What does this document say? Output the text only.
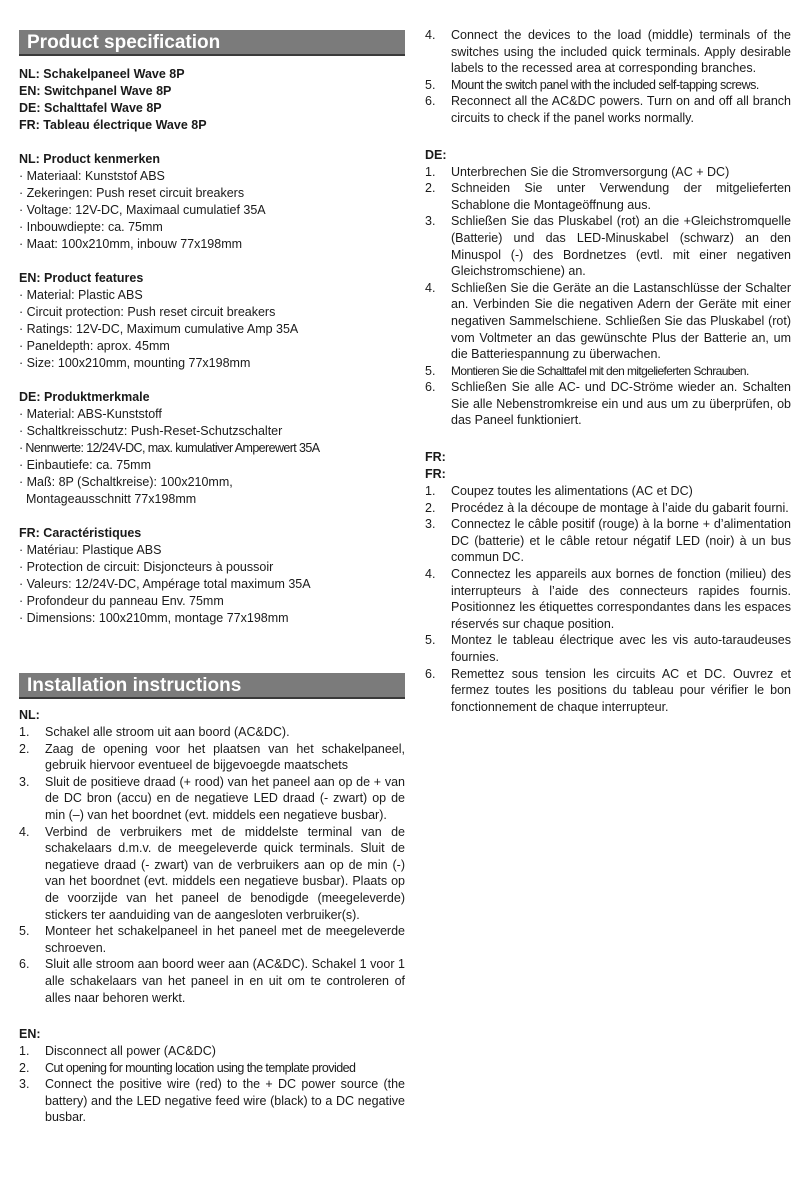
Product specification
NL: Schakelpaneel Wave 8P
EN: Switchpanel Wave 8P
DE: Schalttafel Wave 8P
FR: Tableau électrique Wave 8P
NL: Product kenmerken
· Materiaal: Kunststof ABS
· Zekeringen: Push reset circuit breakers
· Voltage: 12V-DC, Maximaal cumulatief 35A
· Inbouwdiepte: ca. 75mm
· Maat: 100x210mm, inbouw 77x198mm
EN: Product features
· Material: Plastic ABS
· Circuit protection: Push reset circuit breakers
· Ratings: 12V-DC, Maximum cumulative Amp 35A
· Paneldepth: aprox. 45mm
· Size: 100x210mm, mounting 77x198mm
DE: Produktmerkmale
· Material: ABS-Kunststoff
· Schaltkreisschutz: Push-Reset-Schutzschalter
· Nennwerte: 12/24V-DC, max. kumulativer Amperewert 35A
· Einbautiefe: ca. 75mm
· Maß: 8P (Schaltkreise): 100x210mm,
Montageausschnitt 77x198mm
FR: Caractéristiques
· Matériau: Plastique ABS
· Protection de circuit: Disjoncteurs à poussoir
· Valeurs: 12/24V-DC, Ampérage total maximum 35A
· Profondeur du panneau Env. 75mm
· Dimensions: 100x210mm, montage 77x198mm
Installation instructions
NL:
1.	Schakel alle stroom uit aan boord (AC&DC).
2.	Zaag de opening voor het plaatsen van het schakelpaneel, gebruik hiervoor eventueel de bijgevoegde maatschets
3.	Sluit de positieve draad (+ rood) van het paneel aan op de + van de DC bron (accu) en de negatieve LED draad (- zwart) op de min (–) van het boordnet (evt. middels een negatieve busbar).
4.	Verbind de verbruikers met de middelste terminal van de schakelaars d.m.v. de meegeleverde quick terminals. Sluit de negatieve draad (- zwart) van de verbruikers aan op de min (-) van het boordnet (evt. middels een negatieve busbar). Plaats op de voorzijde van het paneel de benodigde (meegeleverde) stickers ter aanduiding van de aangesloten verbruiker(s).
5.	Monteer het schakelpaneel in het paneel met de meegeleverde schroeven.
6.	Sluit alle stroom aan boord weer aan (AC&DC). Schakel 1 voor 1 alle schakelaars van het paneel in en uit om te controleren of alles naar behoren werkt.
EN:
1.	Disconnect all power (AC&DC)
2.	Cut opening for mounting location using the template provided
3.	Connect the positive wire (red) to the + DC power source (the battery) and the LED negative feed wire (black) to a DC negative busbar.
4.	Connect the devices to the load (middle) terminals of the switches using the included quick terminals. Apply desirable labels to the recessed area at corresponding branches.
5.	Mount the switch panel with the included self-tapping screws.
6.	Reconnect all the AC&DC powers. Turn on and off all branch circuits to check if the panel works normally.
DE:
1.	Unterbrechen Sie die Stromversorgung (AC + DC)
2.	Schneiden Sie unter Verwendung der mitgelieferten Schablone die Montageöffnung aus.
3.	Schließen Sie das Pluskabel (rot) an die +Gleichstromquelle (Batterie) und das LED-Minuskabel (schwarz) an den Minuspol (-) des Bordnetzes (evtl. mit einer negativen Gleichstromschiene) an.
4.	Schließen Sie die Geräte an die Lastanschlüsse der Schalter an. Verbinden Sie die negativen Adern der Geräte mit einer negativen Sammelschiene. Schließen Sie das Pluskabel (rot) vom Voltmeter an das gewünschte Plus der Batterie an, um die Batteriespannung zu überwachen.
5.	Montieren Sie die Schalttafel mit den mitgelieferten Schrauben.
6.	Schließen Sie alle AC- und DC-Ströme wieder an. Schalten Sie alle Nebenstromkreise ein und aus um zu überprüfen, ob das Paneel funktioniert.
FR:
FR:
1.	Coupez toutes les alimentations (AC et DC)
2.	Procédez à la découpe de montage à l’aide du gabarit fourni.
3.	Connectez le câble positif (rouge) à la borne + d’alimentation DC (batterie) et le câble retour négatif LED (noir) à un bus commun DC.
4.	Connectez les appareils aux bornes de fonction (milieu) des interrupteurs à l’aide des connecteurs rapides fournis. Positionnez les étiquettes correspondantes dans les espaces réservés sur chaque position.
5.	Montez le tableau électrique avec les vis auto-taraudeuses fournies.
6.	Remettez sous tension les circuits AC et DC. Ouvrez et fermez toutes les positions du tableau pour vérifier le bon fonctionnement de chaque interrupteur.
